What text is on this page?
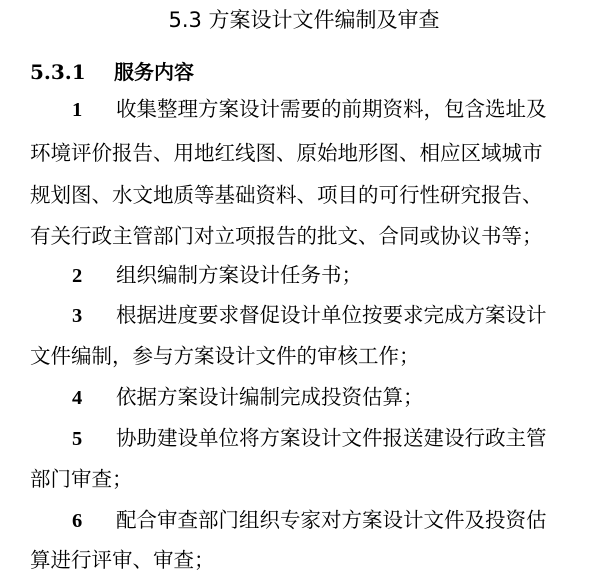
5.3 方案设计文件编制及审查
5.3.1 服务内容
1 收集整理方案设计需要的前期资料，包含选址及
环境评价报告、用地红线图、原始地形图、相应区域城市
规划图、水文地质等基础资料、项目的可行性研究报告、
有关行政主管部门对立项报告的批文、合同或协议书等；
2 组织编制方案设计任务书；
3 根据进度要求督促设计单位按要求完成方案设计
文件编制，参与方案设计文件的审核工作；
4 依据方案设计编制完成投资估算；
5 协助建设单位将方案设计文件报送建设行政主管
部门审查；
6 配合审查部门组织专家对方案设计文件及投资估
算进行评审、审查；
